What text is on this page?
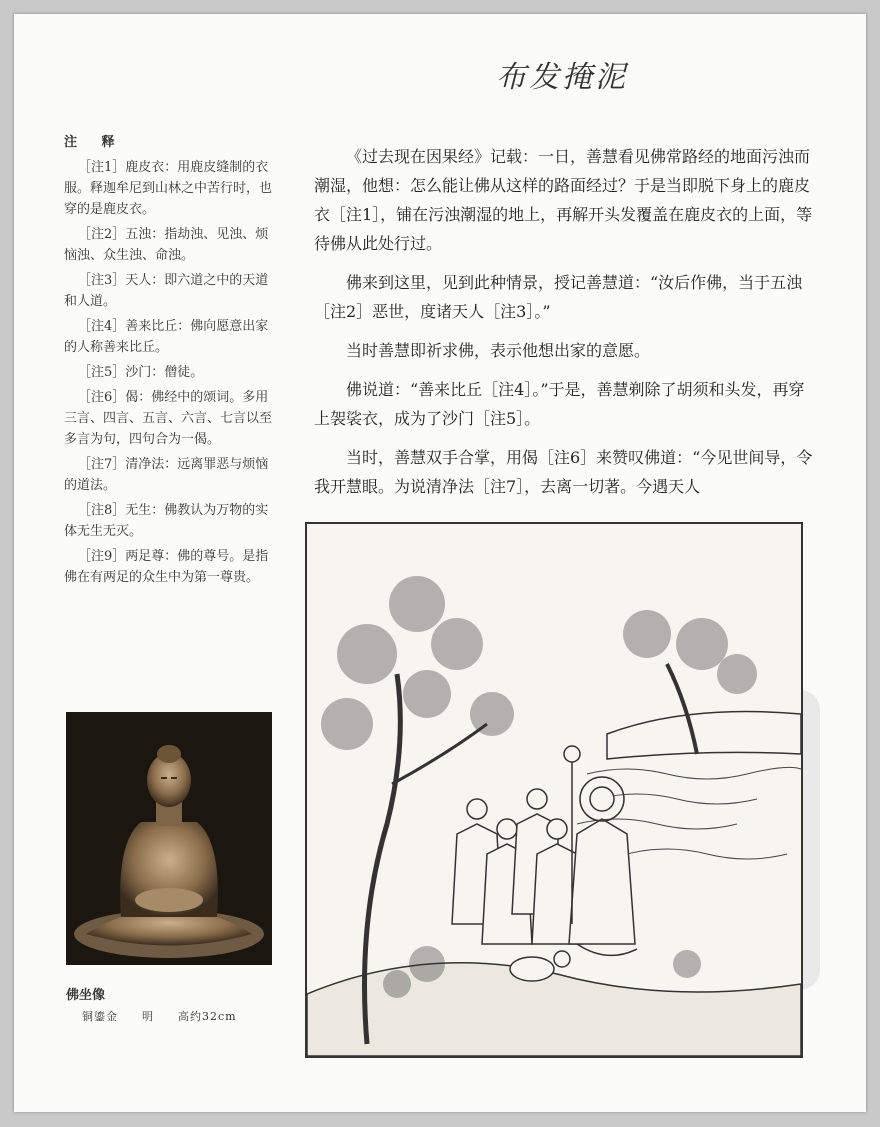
布发掩泥
注 释

［注1］鹿皮衣：用鹿皮缝制的衣服。释迦牟尼到山林之中苦行时，也穿的是鹿皮衣。

［注2］五浊：指劫浊、见浊、烦恼浊、众生浊、命浊。

［注3］天人：即六道之中的天道和人道。

［注4］善来比丘：佛向愿意出家的人称善来比丘。

［注5］沙门：僧徒。

［注6］偈：佛经中的颂词。多用三言、四言、五言、六言、七言以至多言为句，四句合为一偈。

［注7］清净法：远离罪恶与烦恼的道法。

［注8］无生：佛教认为万物的实体无生无灭。

［注9］两足尊：佛的尊号。是指佛在有两足的众生中为第一尊贵。

《过去现在因果经》记载：一日，善慧看见佛常路经的地面污浊而潮湿，他想：怎么能让佛从这样的路面经过？于是当即脱下身上的鹿皮衣［注1］，铺在污浊潮湿的地上，再解开头发覆盖在鹿皮衣的上面，等待佛从此处行过。

佛来到这里，见到此种情景，授记善慧道：“汝后作佛，当于五浊［注2］恶世，度诸天人［注3］。”

当时善慧即祈求佛，表示他想出家的意愿。

佛说道：“善来比丘［注4］。”于是，善慧剃除了胡须和头发，再穿上袈裟衣，成为了沙门［注5］。

当时，善慧双手合掌，用偈［注6］来赞叹佛道：“今见世间导，令我开慧眼。为说清净法［注7］，去离一切著。今遇天人

佛坐像
铜鎏金　　明　　高约32cm
